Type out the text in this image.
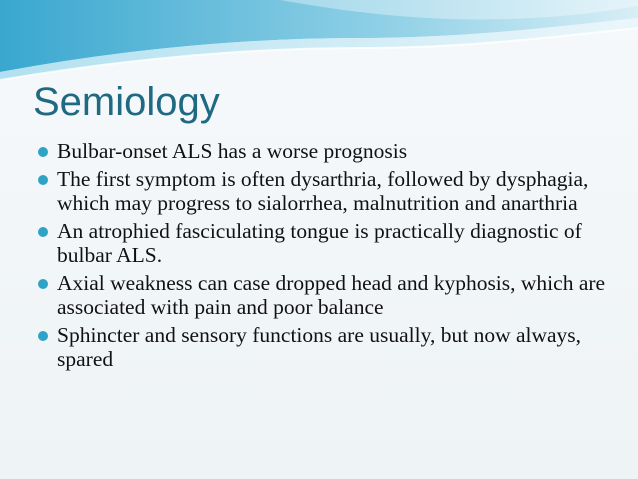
Semiology
Bulbar-onset ALS has a worse prognosis
The first symptom is often dysarthria, followed by dysphagia, which may progress to sialorrhea, malnutrition and anarthria
An atrophied fasciculating tongue is practically diagnostic of bulbar ALS.
Axial weakness can case dropped head and kyphosis, which are associated with pain and poor balance
Sphincter and sensory functions are usually, but now always, spared
